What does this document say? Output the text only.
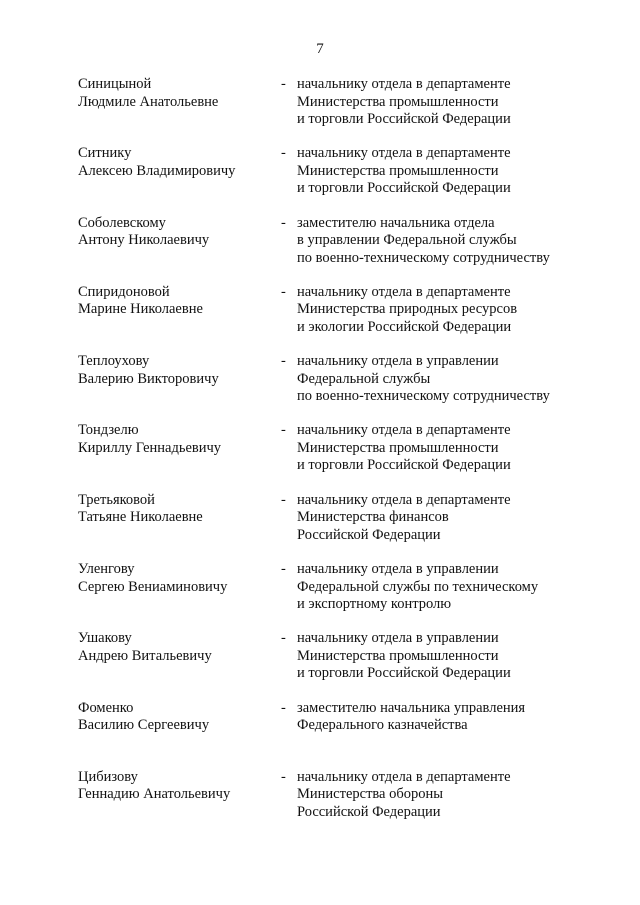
7
Синицыной
Людмиле Анатольевне
- начальнику отдела в департаменте
Министерства промышленности
и торговли Российской Федерации
Ситнику
Алексею Владимировичу
- начальнику отдела в департаменте
Министерства промышленности
и торговли Российской Федерации
Соболевскому
Антону Николаевичу
- заместителю начальника отдела
в управлении Федеральной службы
по военно-техническому сотрудничеству
Спиридоновой
Марине Николаевне
- начальнику отдела в департаменте
Министерства природных ресурсов
и экологии Российской Федерации
Теплоухову
Валерию Викторовичу
- начальнику отдела в управлении
Федеральной службы
по военно-техническому сотрудничеству
Тондзелю
Кириллу Геннадьевичу
- начальнику отдела в департаменте
Министерства промышленности
и торговли Российской Федерации
Третьяковой
Татьяне Николаевне
- начальнику отдела в департаменте
Министерства финансов
Российской Федерации
Уленгову
Сергею Вениаминовичу
- начальнику отдела в управлении
Федеральной службы по техническому
и экспортному контролю
Ушакову
Андрею Витальевичу
- начальнику отдела в управлении
Министерства промышленности
и торговли Российской Федерации
Фоменко
Василию Сергеевичу
- заместителю начальника управления
Федерального казначейства
Цибизову
Геннадию Анатольевичу
- начальнику отдела в департаменте
Министерства обороны
Российской Федерации
